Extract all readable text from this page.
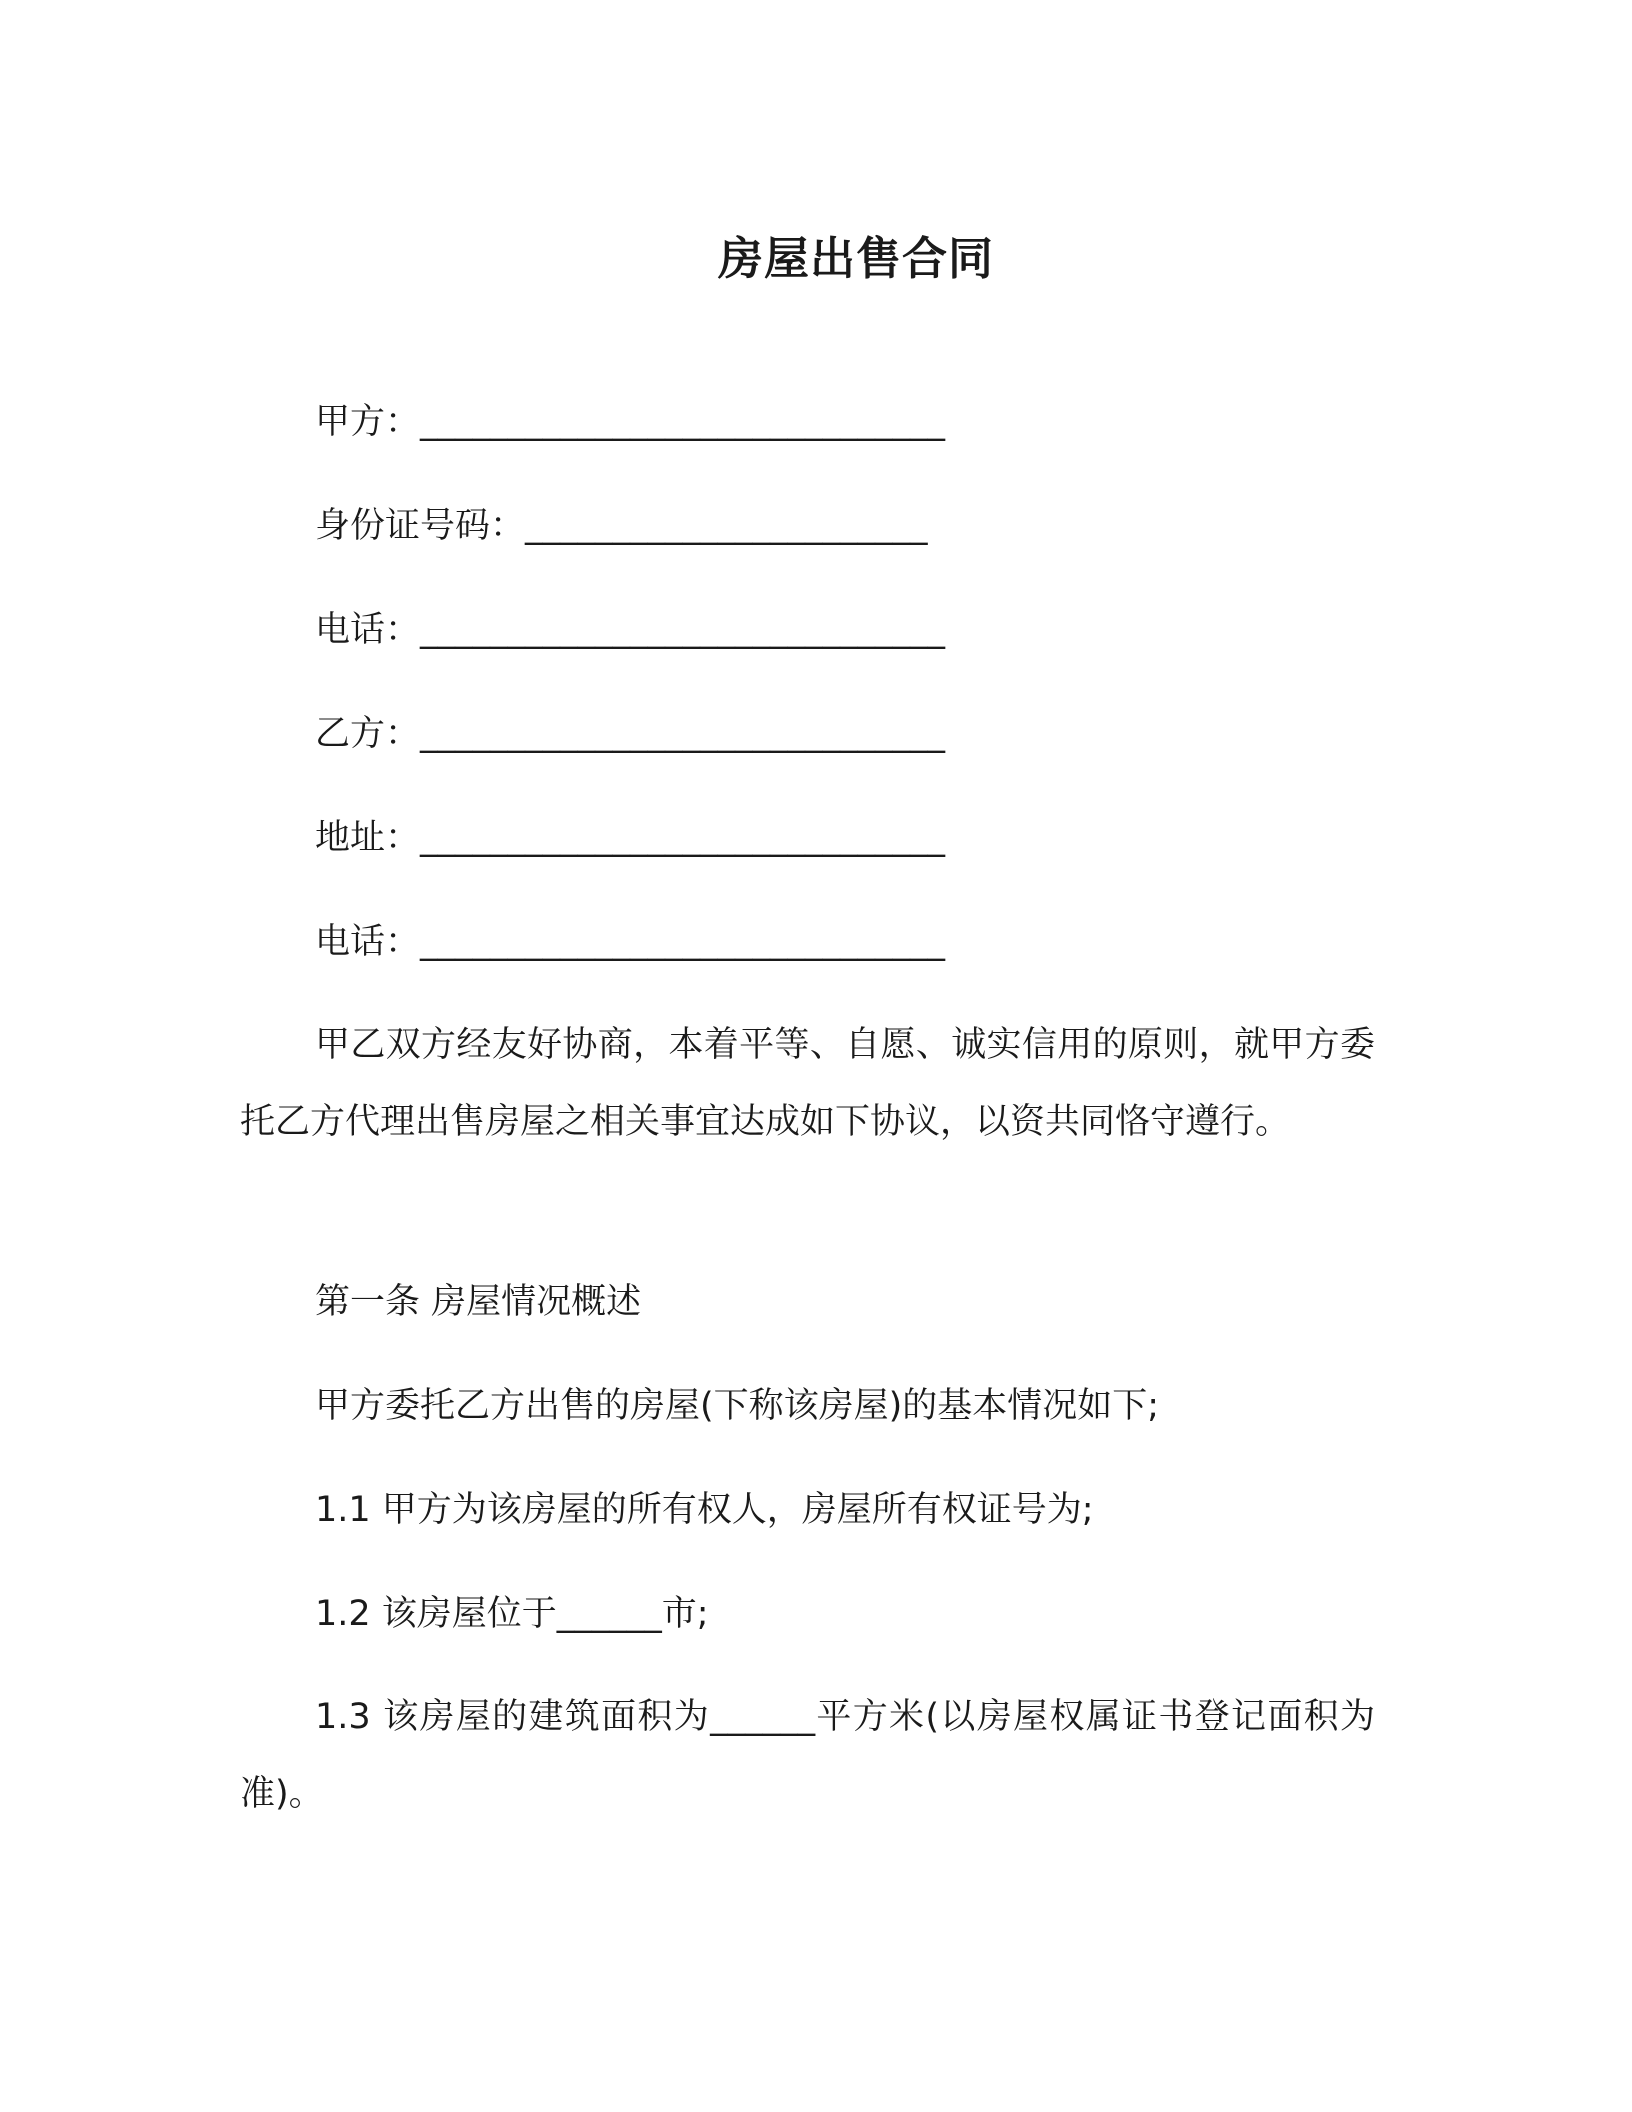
房屋出售合同
甲方：______________________________
身份证号码：_______________________
电话：______________________________
乙方：______________________________
地址：______________________________
电话：______________________________
甲乙双方经友好协商，本着平等、自愿、诚实信用的原则，就甲方委托乙方代理出售房屋之相关事宜达成如下协议，以资共同恪守遵行。
第一条 房屋情况概述
甲方委托乙方出售的房屋(下称该房屋)的基本情况如下;
1.1 甲方为该房屋的所有权人，房屋所有权证号为;
1.2 该房屋位于______市;
1.3 该房屋的建筑面积为______平方米(以房屋权属证书登记面积为准)。
